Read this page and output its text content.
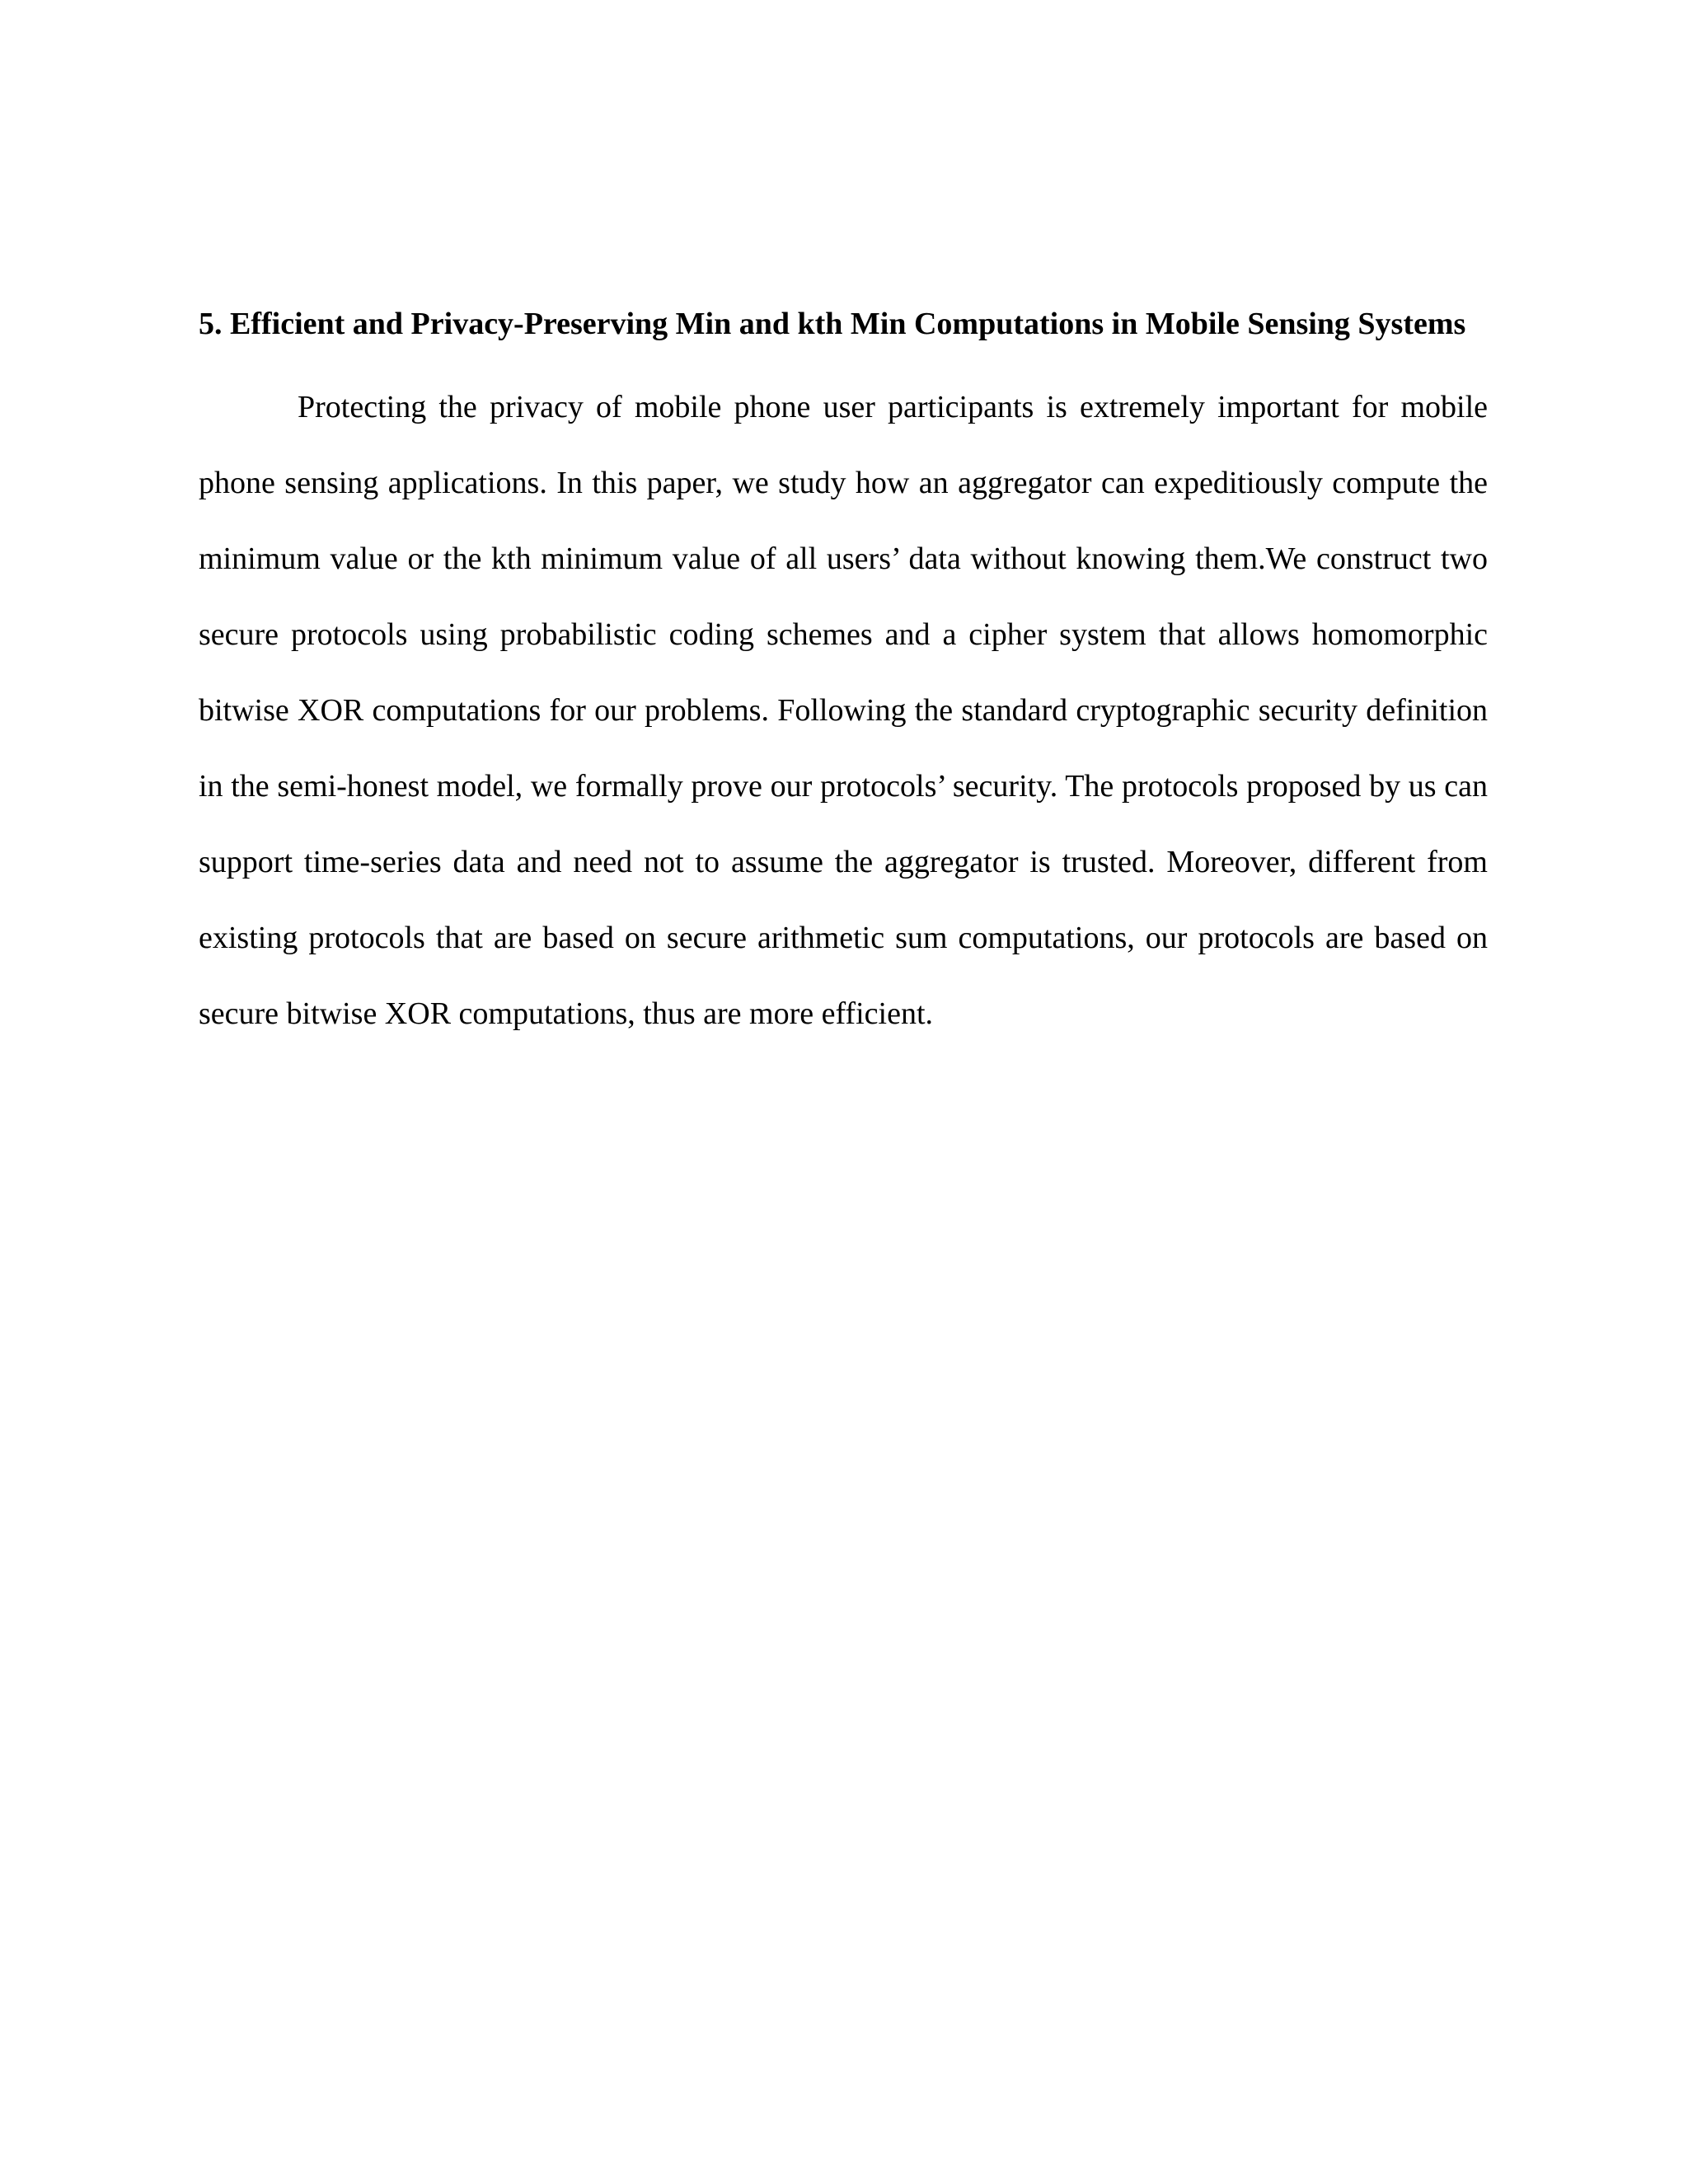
5. Efficient and Privacy-Preserving Min and kth Min Computations in Mobile Sensing Systems

Protecting the privacy of mobile phone user participants is extremely important for mobile phone sensing applications. In this paper, we study how an aggregator can expeditiously compute the minimum value or the kth minimum value of all users’ data without knowing them.We construct two secure protocols using probabilistic coding schemes and a cipher system that allows homomorphic bitwise XOR computations for our problems. Following the standard cryptographic security definition in the semi-honest model, we formally prove our protocols’ security. The protocols proposed by us can support time-series data and need not to assume the aggregator is trusted. Moreover, different from existing protocols that are based on secure arithmetic sum computations, our protocols are based on secure bitwise XOR computations, thus are more efficient.
